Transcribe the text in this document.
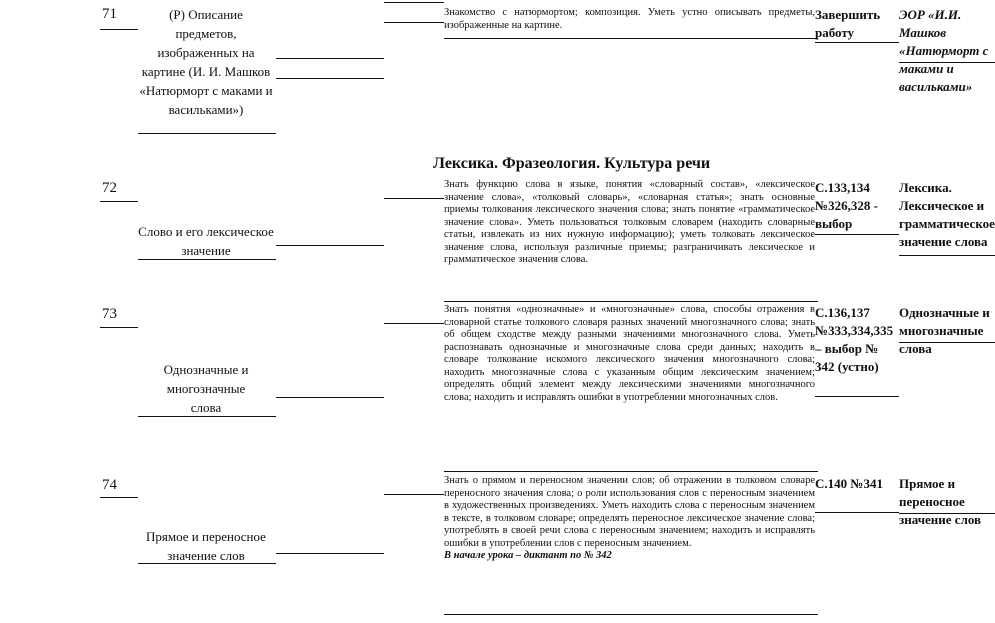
Лексика. Фразеология. Культура речи
71	(Р) Описание предметов, изображенных на картине (И. И. Машков «Натюрморт с маками и васильками»)
Знакомство с натюрмортом; композиция. Уметь устно описывать предметы, изображенные на картине.
Завершить работу
ЭОР «И.И. Машков «Натюрморт с маками и васильками»
72
Слово и его лексическое значение
Знать функцию слова в языке, понятия «словарный состав», «лексическое значение слова», «толковый словарь», «словарная статья»; знать основные приемы толкования лексического значения слова; знать понятие «грамматическое значение слова». Уметь пользоваться толковым словарем (находить словарные статьи, извлекать из них нужную информацию); уметь толковать лексическое значение слова, используя различные приемы; разграничивать лексическое и грамматическое значения слова.
С.133,134 №326,328 - выбор
Лексика. Лексическое и грамматическое значение слова
73
Однозначные и многозначные слова
Знать понятия «однозначные» и «многозначные» слова, способы отражения в словарной статье толкового словаря разных значений многозначного слова; знать об общем сходстве между разными значениями многозначного слова. Уметь распознавать однозначные и многозначные слова среди данных; находить в словаре толкование искомого лексического значения многозначного слова; находить многозначные слова с указанным общим лексическим значением; определять общий элемент между лексическими значениями многозначного слова; находить и исправлять ошибки в употреблении многозначных слов.
С.136,137 №333,334,335 – выбор № 342 (устно)
Однозначные и многозначные слова
74
Прямое и переносное значение слов
Знать о прямом и переносном значении слов; об отражении в толковом словаре переносного значения слова; о роли использования слов с переносным значением в художественных произведениях. Уметь находить слова с переносным значением в тексте, в толковом словаре; определять переносное лексическое значение слова; употреблять в своей речи слова с переносным значением; находить и исправлять ошибки в употреблении слов с переносным значением.
В начале урока – диктант по № 342
С.140 №341	Прямое и переносное значение слов
